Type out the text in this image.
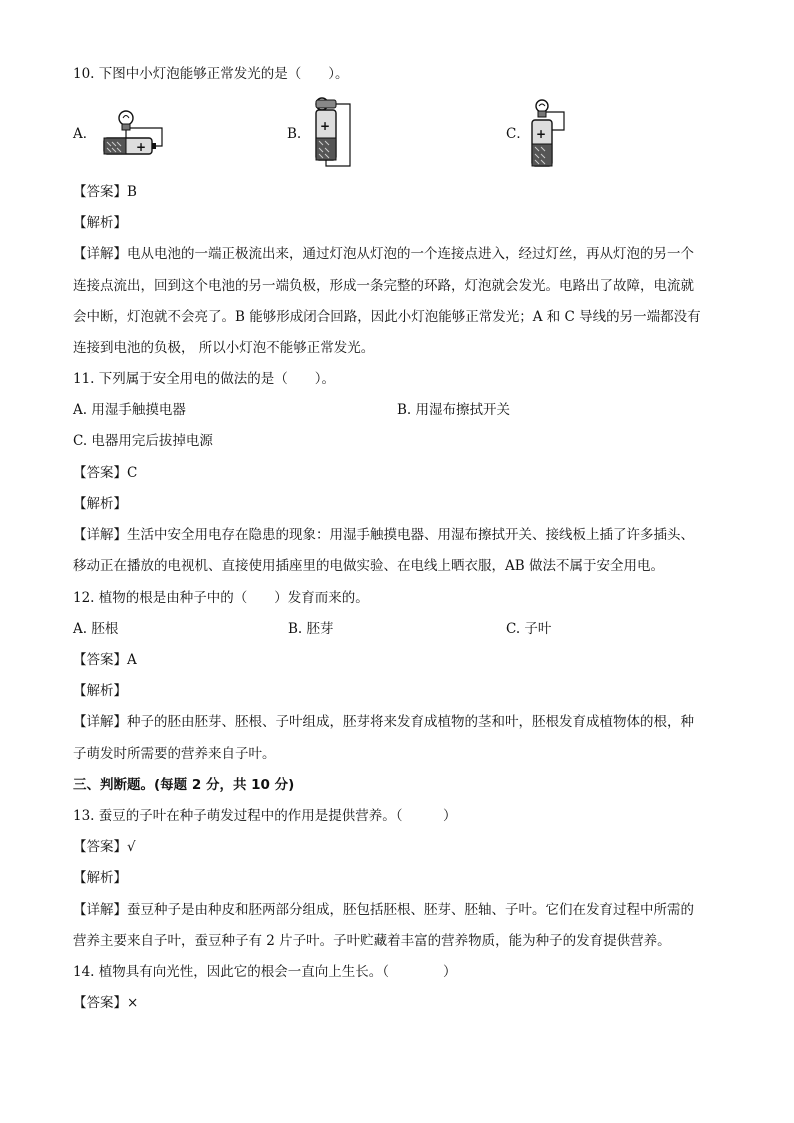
10. 下图中小灯泡能够正常发光的是（　　）。
A．
+
B. +	C． +
【答案】B
【解析】
【详解】电从电池的一端正极流出来，通过灯泡从灯泡的一个连接点进入，经过灯丝，再从灯泡的另一个
连接点流出，回到这个电池的另一端负极，形成一条完整的环路，灯泡就会发光。电路出了故障，电流就
会中断，灯泡就不会亮了。B 能够形成闭合回路，因此小灯泡能够正常发光；A 和 C 导线的另一端都没有
连接到电池的负极， 所以小灯泡不能够正常发光。
11. 下列属于安全用电的做法的是（　　）。
A. 用湿手触摸电器	B. 用湿布擦拭开关
C. 电器用完后拔掉电源
【答案】C
【解析】
【详解】生活中安全用电存在隐患的现象：用湿手触摸电器、用湿布擦拭开关、接线板上插了许多插头、
移动正在播放的电视机、直接使用插座里的电做实验、在电线上晒衣服，AB 做法不属于安全用电。
12. 植物的根是由种子中的（　　）发育而来的。
A. 胚根	B. 胚芽	C. 子叶
【答案】A
【解析】
【详解】种子的胚由胚芽、胚根、子叶组成，胚芽将来发育成植物的茎和叶，胚根发育成植物体的根，种
子萌发时所需要的营养来自子叶。
三、判断题。(每题 2 分，共 10 分)
13. 蚕豆的子叶在种子萌发过程中的作用是提供营养。（　　　）
【答案】√
【解析】
【详解】蚕豆种子是由种皮和胚两部分组成，胚包括胚根、胚芽、胚轴、子叶。它们在发育过程中所需的
营养主要来自子叶，蚕豆种子有 2 片子叶。子叶贮藏着丰富的营养物质，能为种子的发育提供营养。
14. 植物具有向光性，因此它的根会一直向上生长。（　　　　）
【答案】×
